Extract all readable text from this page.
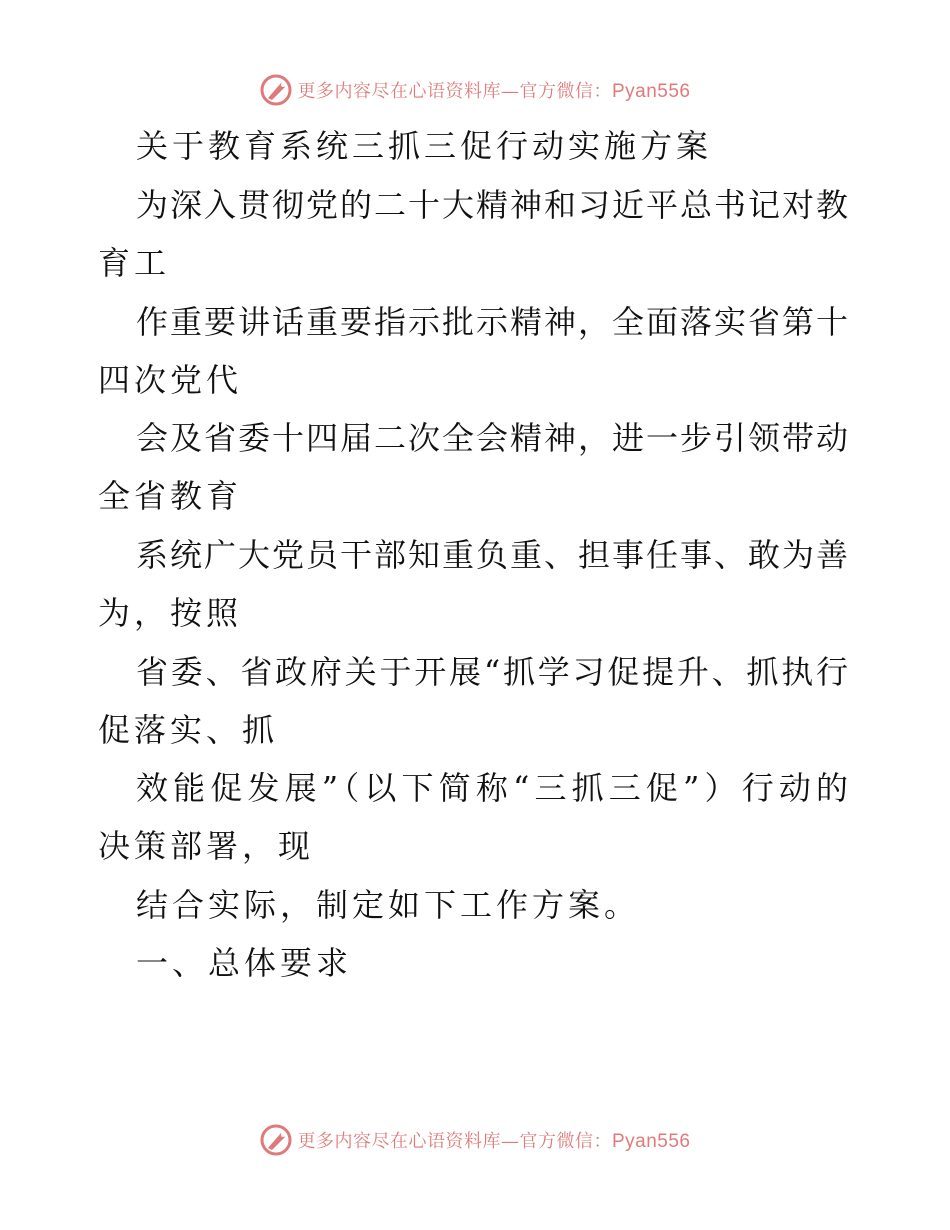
更多内容尽在心语资料库—官方微信：Pyan556
关于教育系统三抓三促行动实施方案
为深入贯彻党的二十大精神和习近平总书记对教
育工
作重要讲话重要指示批示精神，全面落实省第十
四次党代
会及省委十四届二次全会精神，进一步引领带动
全省教育
系统广大党员干部知重负重、担事任事、敢为善
为，按照
省委、省政府关于开展“抓学习促提升、抓执行
促落实、抓
效能促发展”（以下简称“三抓三促”）行动的
决策部署，现
结合实际，制定如下工作方案。
一、总体要求
更多内容尽在心语资料库—官方微信：Pyan556
